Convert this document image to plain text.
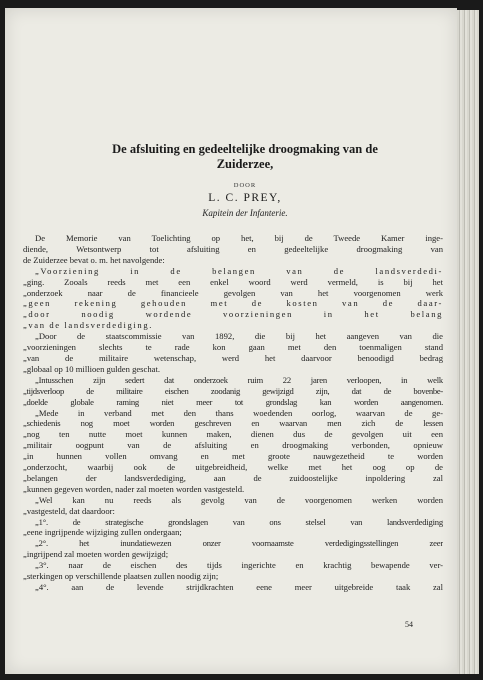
De afsluiting en gedeeltelijke droogmaking van de
Zuiderzee,
DOOR
L. C. PREY,
Kapitein der Infanterie.
De Memorie van Toelichting op het, bij de Tweede Kamer inge-
diende, Wetsontwerp tot afsluiting en gedeeltelijke droogmaking van
de Zuiderzee bevat o. m. het navolgende:
„Voorziening in de belangen van de landsverdedi-
„ging. Zooals reeds met een enkel woord werd vermeld, is bij het
„onderzoek naar de financieele gevolgen van het voorgenomen werk
„geen rekening gehouden met de kosten van de daar-
„door noodig wordende voorzieningen in het belang
„van de landsverdediging.
„Door de staatscommissie van 1892, die bij het aangeven van die
„voorzieningen slechts te rade kon gaan met den toenmaligen stand
„van de militaire wetenschap, werd het daarvoor benoodigd bedrag
„globaal op 10 millioen gulden geschat.
„Intusschen zijn sedert dat onderzoek ruim 22 jaren verloopen, in welk
„tijdsverloop de militaire eischen zoodanig gewijzigd zijn, dat de bovenbe-
„doelde globale raming niet meer tot grondslag kan worden aangenomen.
„Mede in verband met den thans woedenden oorlog, waarvan de ge-
„schiedenis nog moet worden geschreven en waarvan men zich de lessen
„nog ten nutte moet kunnen maken, dienen dus de gevolgen uit een
„militair oogpunt van de afsluiting en droogmaking verbonden, opnieuw
„in hunnen vollen omvang en met groote nauwgezetheid te worden
„onderzocht, waarbij ook de uitgebreidheid, welke met het oog op de
„belangen der landsverdediging, aan de zuidoostelijke inpoldering zal
„kunnen gegeven worden, nader zal moeten worden vastgesteld.
„Wel kan nu reeds als gevolg van de voorgenomen werken worden
„vastgesteld, dat daardoor:
„1°. de strategische grondslagen van ons stelsel van landsverdediging
„eene ingrijpende wijziging zullen ondergaan;
„2°. het inundatiewezen onzer voornaamste verdedigingsstellingen zeer
„ingrijpend zal moeten worden gewijzigd;
„3°. naar de eischen des tijds ingerichte en krachtig bewapende ver-
„sterkingen op verschillende plaatsen zullen noodig zijn;
„4°. aan de levende strijdkrachten eene meer uitgebreide taak zal
54
